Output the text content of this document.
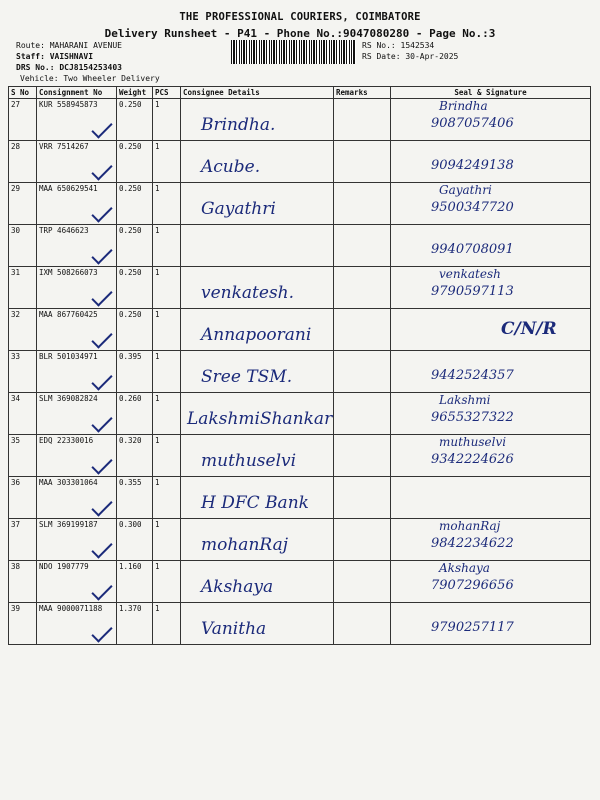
THE PROFESSIONAL COURIERS, COIMBATORE
Delivery Runsheet - P41 - Phone No.:9047080280 - Page No.:3
Route: MAHARANI AVENUE
Staff: VAISHNAVI
DRS No.: DCJ8154253403
Vehicle: Two Wheeler Delivery
RS No.: 1542534
RS Date: 30-Apr-2025
S No	Consignment No	Weight	PCS	Consignee Details	Remarks	Seal & Signature
27	KUR 558945873	0.250	1	Brindha.		Brindha
9087057406

28	VRR 7514267	0.250	1	Acube.		9094249138

29	MAA 650629541	0.250	1	Gayathri		Gayathri
9500347720

30	TRP 4646623	0.250	1			9940708091

31	IXM 508266073	0.250	1	venkatesh.		venkatesh
9790597113

32	MAA 867760425	0.250	1	Annapoorani		C/N/R

33	BLR 501034971	0.395	1	Sree TSM.		9442524357

34	SLM 369082824	0.260	1	LakshmiShankar		Lakshmi
9655327322

35	EDQ 22330016	0.320	1	muthuselvi		muthuselvi
9342224626

36	MAA 303301064	0.355	1	H DFC Bank		

37	SLM 369199187	0.300	1	mohanRaj		mohanRaj
9842234622

38	NDO 1907779	1.160	1	Akshaya		Akshaya
7907296656

39	MAA 9000071188	1.370	1	Vanitha		9790257117
